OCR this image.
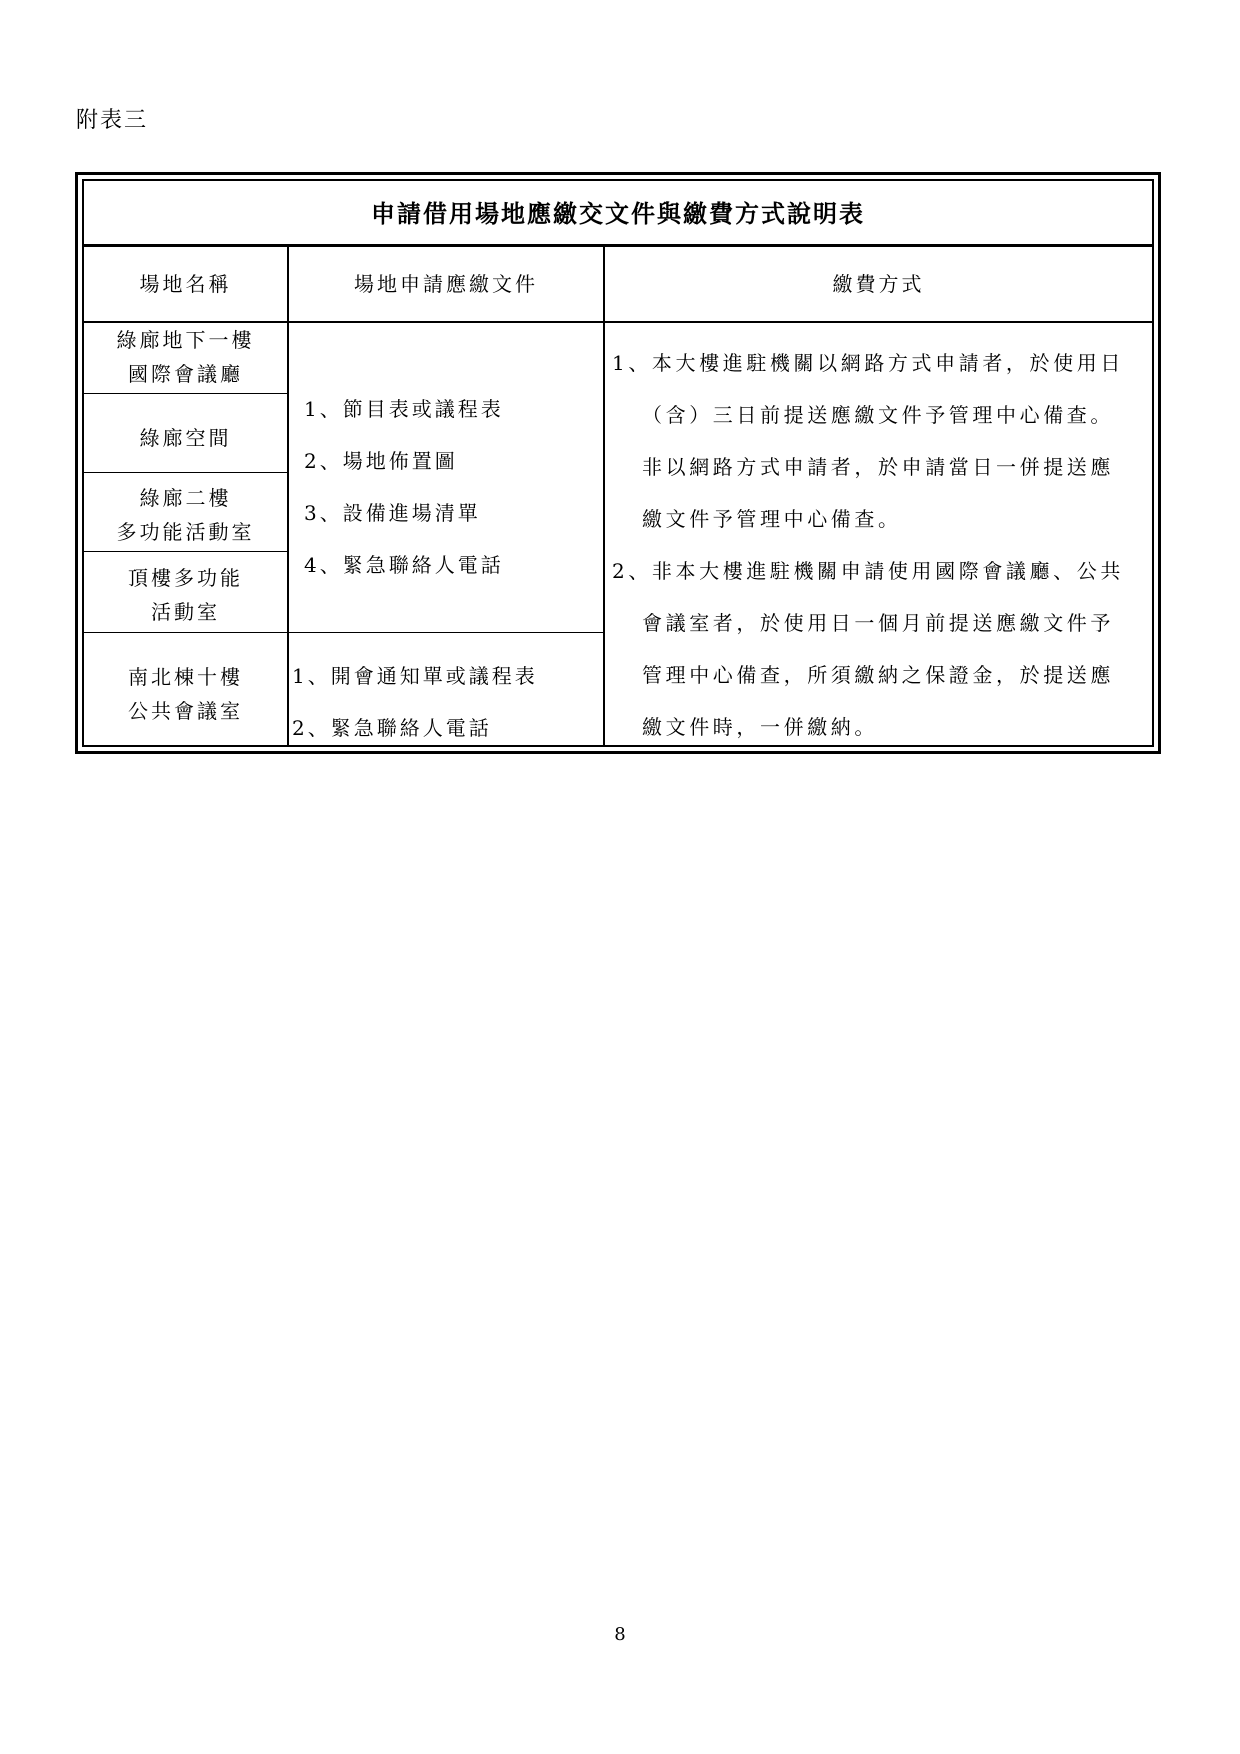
附表三
申請借用場地應繳交文件與繳費方式說明表
場地名稱	場地申請應繳文件	繳費方式
綠廊地下一樓
國際會議廳
綠廊空間
綠廊二樓
多功能活動室
頂樓多功能
活動室
南北棟十樓
公共會議室
1、節目表或議程表
2、場地佈置圖
3、設備進場清單
4、緊急聯絡人電話
1、開會通知單或議程表
2、緊急聯絡人電話
1、本大樓進駐機關以網路方式申請者，於使用日
（含）三日前提送應繳文件予管理中心備查。
非以網路方式申請者，於申請當日一併提送應
繳文件予管理中心備查。
2、非本大樓進駐機關申請使用國際會議廳、公共
會議室者，於使用日一個月前提送應繳文件予
管理中心備查，所須繳納之保證金，於提送應
繳文件時，一併繳納。
8
